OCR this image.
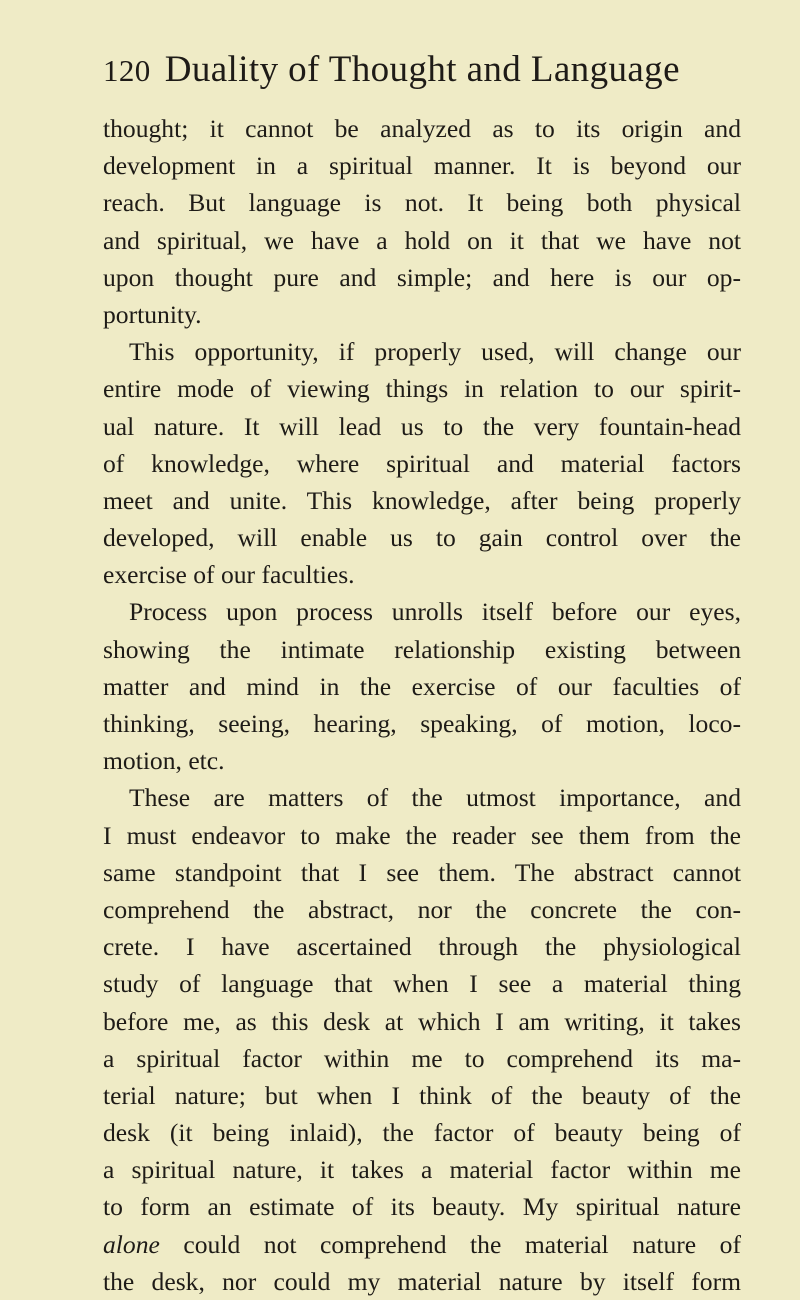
120 Duality of Thought and Language
thought; it cannot be analyzed as to its origin and
development in a spiritual manner. It is beyond our
reach. But language is not. It being both physical
and spiritual, we have a hold on it that we have not
upon thought pure and simple; and here is our op-
portunity.
This opportunity, if properly used, will change our
entire mode of viewing things in relation to our spirit-
ual nature. It will lead us to the very fountain-head
of knowledge, where spiritual and material factors
meet and unite. This knowledge, after being properly
developed, will enable us to gain control over the
exercise of our faculties.
Process upon process unrolls itself before our eyes,
showing the intimate relationship existing between
matter and mind in the exercise of our faculties of
thinking, seeing, hearing, speaking, of motion, loco-
motion, etc.
These are matters of the utmost importance, and
I must endeavor to make the reader see them from the
same standpoint that I see them. The abstract cannot
comprehend the abstract, nor the concrete the con-
crete. I have ascertained through the physiological
study of language that when I see a material thing
before me, as this desk at which I am writing, it takes
a spiritual factor within me to comprehend its ma-
terial nature; but when I think of the beauty of the
desk (it being inlaid), the factor of beauty being of
a spiritual nature, it takes a material factor within me
to form an estimate of its beauty. My spiritual nature
alone could not comprehend the material nature of
the desk, nor could my material nature by itself form
